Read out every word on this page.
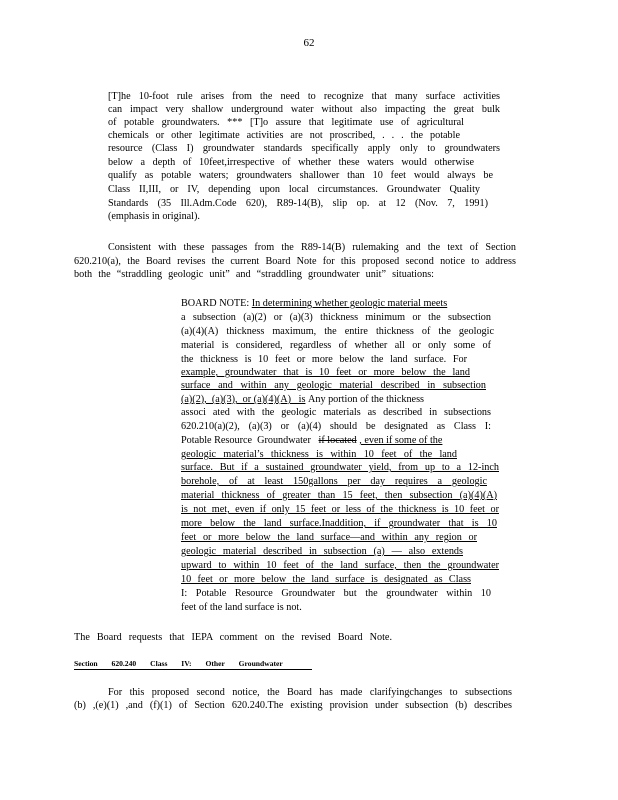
62
[T]he 10-foot rule arises from the need to recognize that many surface activities
can impact very shallow underground water without also impacting the great bulk
of potable groundwaters. *** [T]o assure that legitimate use of agricultural
chemicals or other legitimate activities are not proscribed, . . . the potable
resource (Class I) groundwater standards specifically apply only to groundwaters
below a depth of 10feet,irrespective of whether these waters would otherwise
qualify as potable waters; groundwaters shallower than 10 feet would always be
Class II,III, or IV, depending upon local circumstances. Groundwater Quality
Standards (35 Ill.Adm.Code 620), R89-14(B), slip op. at 12 (Nov. 7, 1991)
(emphasis in original).
Consistent with these passages from the R89-14(B) rulemaking and the text of Section
620.210(a), the Board revises the current Board Note for this proposed second notice to address
both the “straddling geologic unit” and “straddling groundwater unit” situations:
BOARD NOTE: In determining whether geologic material meets
a subsection (a)(2) or (a)(3) thickness minimum or the subsection
(a)(4)(A) thickness maximum, the entire thickness of the geologic
material is considered, regardless of whether all or only some of
the thickness is 10 feet or more below the land surface. For
example, groundwater that is 10 feet or more below the land
surface and within any geologic material described in subsection
(a)(2),  (a)(3),  or (a)(4)(A)   is Any portion of the thickness
associ ated with the geologic materials as described in subsections
620.210(a)(2), (a)(3) or (a)(4) should be designated as Class I:
Potable Resource  Groundwater   if located , even if some of the
geologic material’s thickness is within 10 feet of the land
surface. But if a sustained groundwater yield, from up to a 12-inch
borehole, of at least 150gallons per day requires a geologic
material thickness of greater than 15 feet, then subsection (a)(4)(A)
is not met, even if only 15 feet or less of the thickness is 10 feet or
more below the land surface.Inaddition, if groundwater that is 10
feet or more below the land surface—and within any region or
geologic material described in subsection (a) — also extends
upward to within 10 feet of the land surface, then the groundwater
10 feet or more below the land surface is designated as Class
I: Potable Resource Groundwater but the groundwater within 10
feet of the land surface is not.
The Board requests that IEPA comment on the revised Board Note.
Section 620.240 Class IV: Other Groundwater
For this proposed second notice, the Board has made clarifyingchanges to subsections
(b) ,(e)(1) ,and (f)(1) of Section 620.240.The existing provision under subsection (b) describes
